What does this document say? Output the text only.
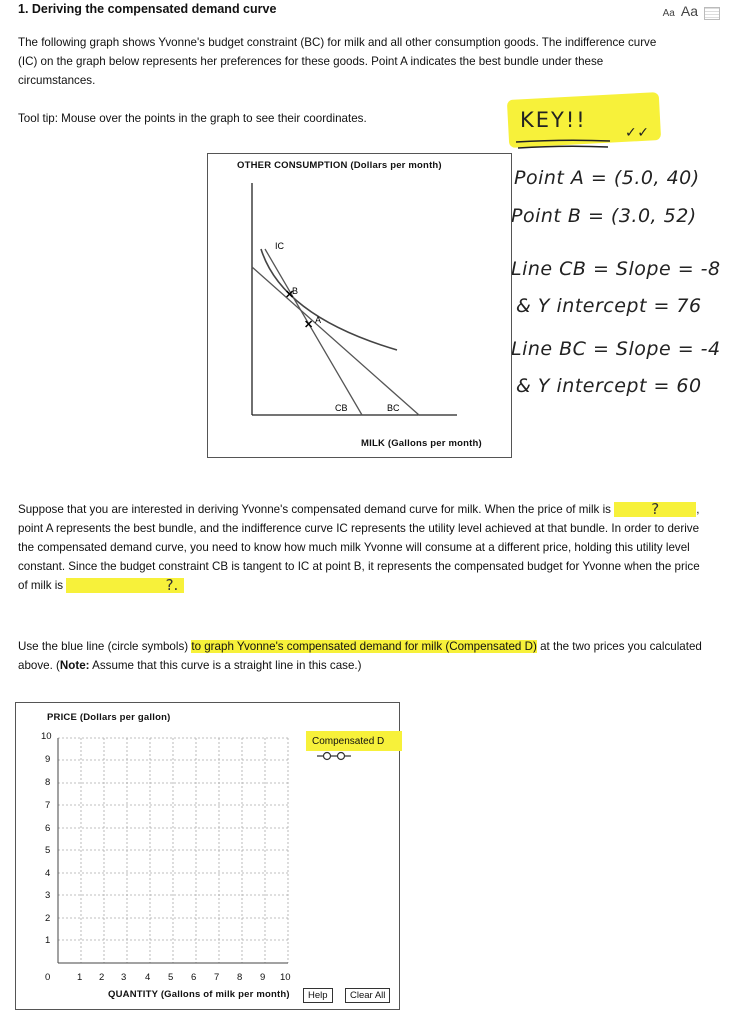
1. Deriving the compensated demand curve	Aa Aa
The following graph shows Yvonne's budget constraint (BC) for milk and all other consumption goods. The indifference curve (IC) on the graph below represents her preferences for these goods. Point A indicates the best bundle under these circumstances.
Tool tip: Mouse over the points in the graph to see their coordinates.	KEY!!
✓✓
Point A = (5.0, 40)
Point B = (3.0, 52)
Line CB = Slope = -8
& Y intercept = 76
Line BC = Slope = -4
& Y intercept = 60
OTHER CONSUMPTION (Dollars per month)
MILK (Gallons per month)
✕
✕
IC
B
A
CB	BC
Suppose that you are interested in deriving Yvonne's compensated demand curve for milk. When the price of milk is	?	, point A represents the best bundle, and the indifference curve IC represents the utility level achieved at that bundle. In order to derive the compensated demand curve, you need to know how much milk Yvonne will consume at a different price, holding this utility level constant. Since the budget constraint CB is tangent to IC at point B, it represents the compensated budget for Yvonne when the price of milk is	?.
Use the blue line (circle symbols) to graph Yvonne's compensated demand for milk (Compensated D) at the two prices you calculated above. (Note: Assume that this curve is a straight line in this case.)
PRICE (Dollars per gallon)
QUANTITY (Gallons of milk per month)
10
9
8
7
6
5
4
3
2
1
0	1 2 3 4 5 6 7 8 9 10
Compensated D
Help	Clear All
